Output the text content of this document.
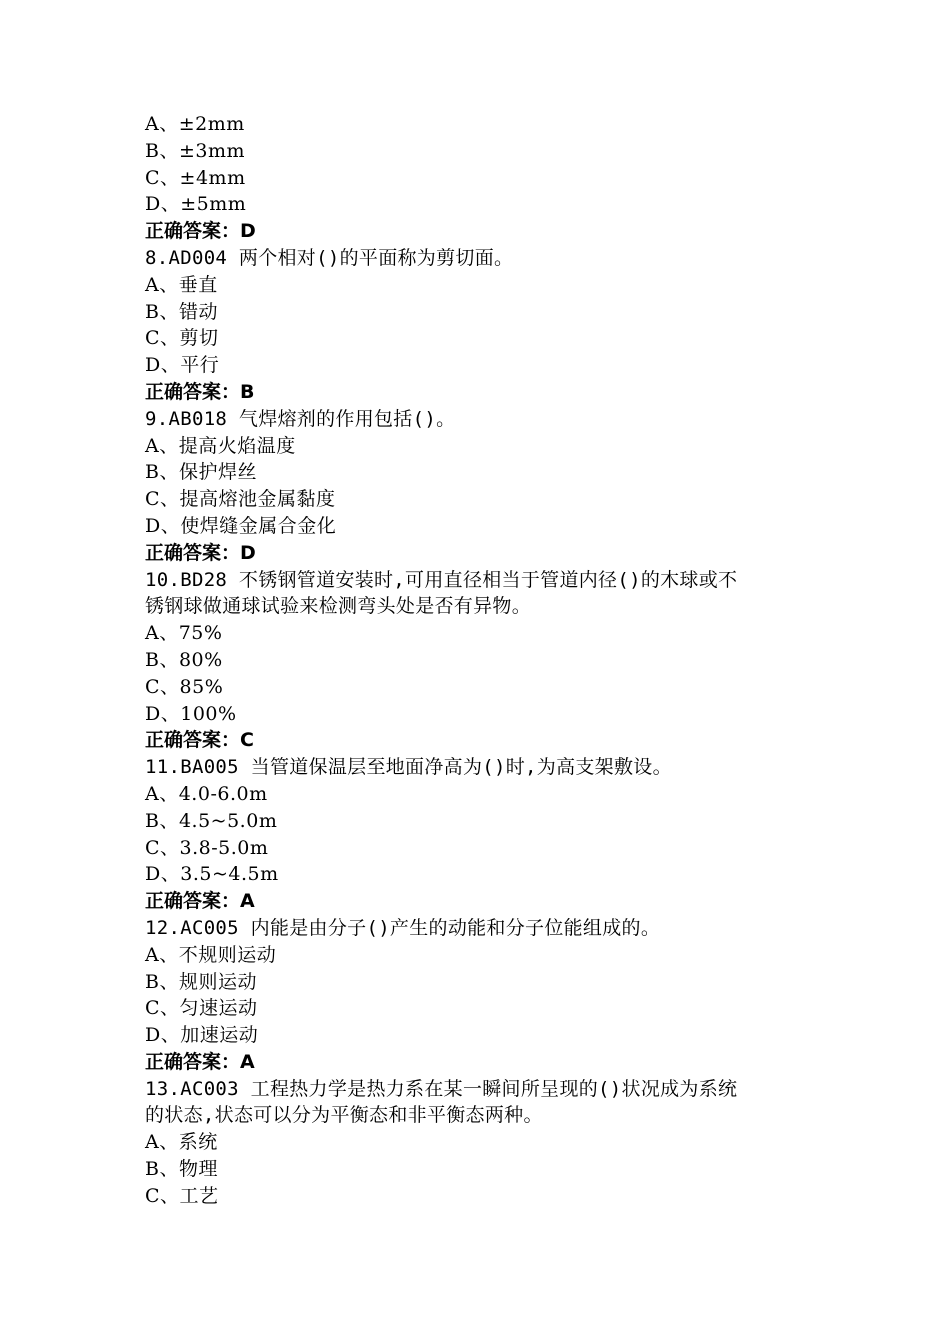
A、±2mm

B、±3mm

C、±4mm

D、±5mm

正确答案：D

8.AD004 两个相对()的平面称为剪切面。

A、垂直

B、错动

C、剪切

D、平行

正确答案：B

9.AB018 气焊熔剂的作用包括()。

A、提高火焰温度

B、保护焊丝

C、提高熔池金属黏度

D、使焊缝金属合金化

正确答案：D

10.BD28 不锈钢管道安装时,可用直径相当于管道内径()的木球或不

锈钢球做通球试验来检测弯头处是否有异物。

A、75%

B、80%

C、85%

D、100%

正确答案：C

11.BA005 当管道保温层至地面净高为()时,为高支架敷设。

A、4.0-6.0m

B、4.5~5.0m

C、3.8-5.0m

D、3.5~4.5m

正确答案：A

12.AC005 内能是由分子()产生的动能和分子位能组成的。

A、不规则运动

B、规则运动

C、匀速运动

D、加速运动

正确答案：A

13.AC003 工程热力学是热力系在某一瞬间所呈现的()状况成为系统

的状态,状态可以分为平衡态和非平衡态两种。

A、系统

B、物理

C、工艺
